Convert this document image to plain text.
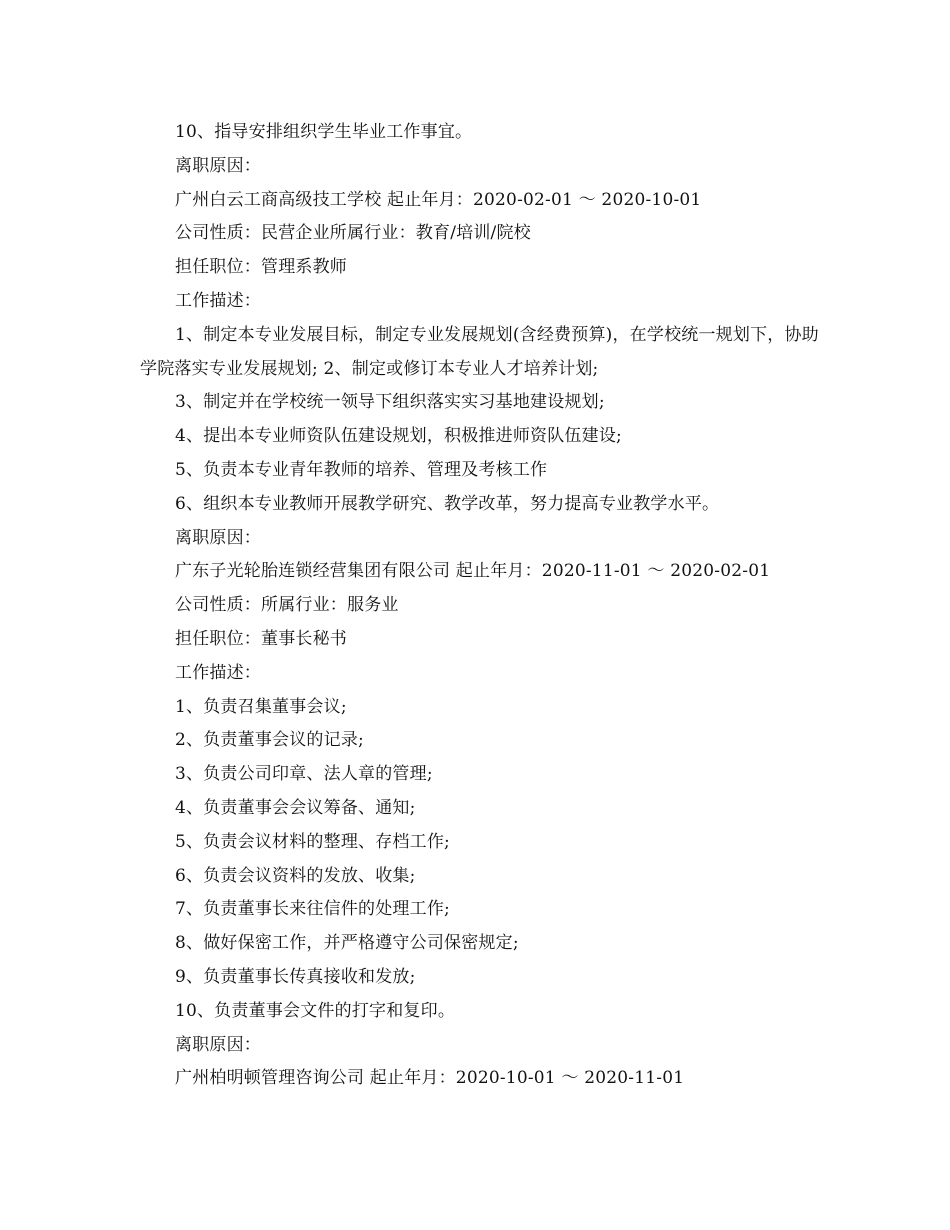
10、指导安排组织学生毕业工作事宜。
离职原因：
广州白云工商高级技工学校 起止年月：2020-02-01 ～ 2020-10-01
公司性质：民营企业所属行业：教育/培训/院校
担任职位：管理系教师
工作描述：
1、制定本专业发展目标，制定专业发展规划(含经费预算)，在学校统一规划下，协助学院落实专业发展规划; 2、制定或修订本专业人才培养计划;
3、制定并在学校统一领导下组织落实实习基地建设规划;
4、提出本专业师资队伍建设规划，积极推进师资队伍建设;
5、负责本专业青年教师的培养、管理及考核工作
6、组织本专业教师开展教学研究、教学改革，努力提高专业教学水平。
离职原因：
广东子光轮胎连锁经营集团有限公司 起止年月：2020-11-01 ～ 2020-02-01
公司性质：所属行业：服务业
担任职位：董事长秘书
工作描述：
1、负责召集董事会议;
2、负责董事会议的记录;
3、负责公司印章、法人章的管理;
4、负责董事会会议筹备、通知;
5、负责会议材料的整理、存档工作;
6、负责会议资料的发放、收集;
7、负责董事长来往信件的处理工作;
8、做好保密工作，并严格遵守公司保密规定;
9、负责董事长传真接收和发放;
10、负责董事会文件的打字和复印。
离职原因：
广州柏明顿管理咨询公司 起止年月：2020-10-01 ～ 2020-11-01
